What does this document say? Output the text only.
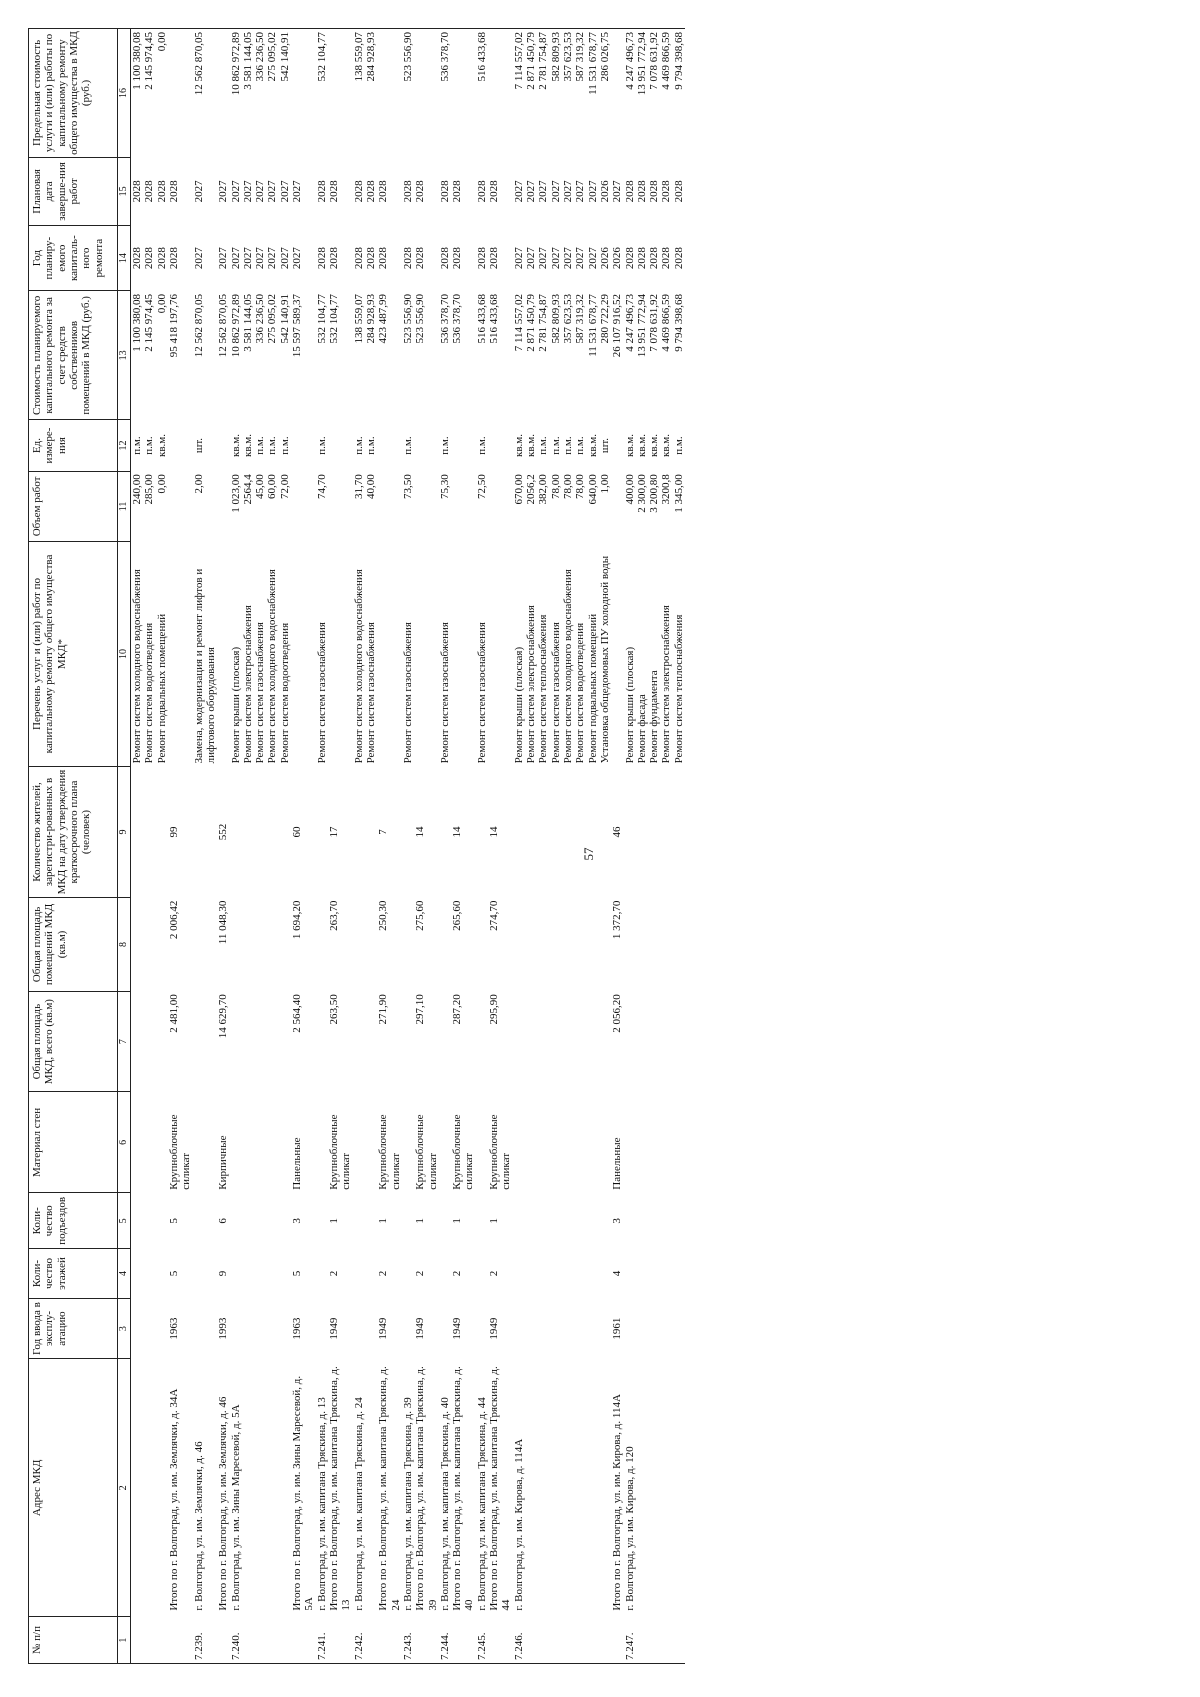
57
№ п/п	Адрес МКД	Год ввода в эксплу-атацию	Коли-чество этажей	Коли-чество подъездов	Материал стен	Общая площадь МКД, всего (кв.м)	Общая площадь помещений МКД (кв.м)	Количество жителей, зарегистри-рованных в МКД на дату утверждения краткосрочного плана (человек)	Перечень услуг и (или) работ по капитальному ремонту общего имущества МКД*	Объем работ	Ед. измере-ния	Стоимость планируемого капитального ремонта за счет средств собственников помещений в МКД (руб.)	Год планиру-емого капиталь-ного ремонта	Плановая дата заверше-ния работ	Предельная стоимость услуги и (или) работы по капитальному ремонту общего имущества в МКД (руб.)
1	2	3	4	5	6	7	8	9	10	11	12	13	14	15	16
									Ремонт систем холодного водоснабжения	240,00	п.м.	1 100 380,08	2028	2028	1 100 380,08
									Ремонт систем водоотведения	285,00	п.м.	2 145 974,45	2028	2028	2 145 974,45
									Ремонт подвальных помещений	0,00	кв.м.	0,00	2028	2028	0,00
	Итого по г. Волгоград, ул. им. Землячки, д. 34А	1963	5	5	Крупноблочные силикат	2 481,00	2 006,42	99				95 418 197,76	2028	2028	
7.239.	г. Волгоград, ул. им. Землячки, д. 46								Замена, модернизация и ремонт лифтов и лифтового оборудования	2,00	шт.	12 562 870,05	2027	2027	12 562 870,05
	Итого по г. Волгоград, ул. им. Землячки, д. 46	1993	9	6	Кирпичные	14 629,70	11 048,30	552				12 562 870,05	2027	2027	
7.240.	г. Волгоград, ул. им. Зины Маресевой, д. 5А								Ремонт крыши (плоская)	1 023,00	кв.м.	10 862 972,89	2027	2027	10 862 972,89
									Ремонт систем электроснабжения	2564,4	кв.м.	3 581 144,05	2027	2027	3 581 144,05
									Ремонт систем газоснабжения	45,00	п.м.	336 236,50	2027	2027	336 236,50
									Ремонт систем холодного водоснабжения	60,00	п.м.	275 095,02	2027	2027	275 095,02
									Ремонт систем водоотведения	72,00	п.м.	542 140,91	2027	2027	542 140,91
	Итого по г. Волгоград, ул. им. Зины Маресевой, д. 5А	1963	5	3	Панельные	2 564,40	1 694,20	60				15 597 589,37	2027	2027	
7.241.	г. Волгоград, ул. им. капитана Тряскина, д. 13								Ремонт систем газоснабжения	74,70	п.м.	532 104,77	2028	2028	532 104,77
	Итого по г. Волгоград, ул. им. капитана Тряскина, д. 13	1949	2	1	Крупноблочные силикат	263,50	263,70	17				532 104,77	2028	2028	
7.242.	г. Волгоград, ул. им. капитана Тряскина, д. 24								Ремонт систем холодного водоснабжения	31,70	п.м.	138 559,07	2028	2028	138 559,07
									Ремонт систем газоснабжения	40,00	п.м.	284 928,93	2028	2028	284 928,93
	Итого по г. Волгоград, ул. им. капитана Тряскина, д. 24	1949	2	1	Крупноблочные силикат	271,90	250,30	7				423 487,99	2028	2028	
7.243.	г. Волгоград, ул. им. капитана Тряскина, д. 39								Ремонт систем газоснабжения	73,50	п.м.	523 556,90	2028	2028	523 556,90
	Итого по г. Волгоград, ул. им. капитана Тряскина, д. 39	1949	2	1	Крупноблочные силикат	297,10	275,60	14				523 556,90	2028	2028	
7.244.	г. Волгоград, ул. им. капитана Тряскина, д. 40								Ремонт систем газоснабжения	75,30	п.м.	536 378,70	2028	2028	536 378,70
	Итого по г. Волгоград, ул. им. капитана Тряскина, д. 40	1949	2	1	Крупноблочные силикат	287,20	265,60	14				536 378,70	2028	2028	
7.245.	г. Волгоград, ул. им. капитана Тряскина, д. 44								Ремонт систем газоснабжения	72,50	п.м.	516 433,68	2028	2028	516 433,68
	Итого по г. Волгоград, ул. им. капитана Тряскина, д. 44	1949	2	1	Крупноблочные силикат	295,90	274,70	14				516 433,68	2028	2028	
7.246.	г. Волгоград, ул. им. Кирова, д. 114А								Ремонт крыши (плоская)	670,00	кв.м.	7 114 557,02	2027	2027	7 114 557,02
									Ремонт систем электроснабжения	2056,2	кв.м.	2 871 450,79	2027	2027	2 871 450,79
									Ремонт систем теплоснабжения	382,00	п.м.	2 781 754,87	2027	2027	2 781 754,87
									Ремонт систем газоснабжения	78,00	п.м.	582 809,93	2027	2027	582 809,93
									Ремонт систем холодного водоснабжения	78,00	п.м.	357 623,53	2027	2027	357 623,53
									Ремонт систем водоотведения	78,00	п.м.	587 319,32	2027	2027	587 319,32
									Ремонт подвальных помещений	640,00	кв.м.	11 531 678,77	2027	2027	11 531 678,77
									Установка общедомовых ПУ холодной воды	1,00	шт.	280 722,29	2026	2026	286 026,75
	Итого по г. Волгоград, ул. им. Кирова, д. 114А	1961	4	3	Панельные	2 056,20	1 372,70	46				26 107 916,52	2026	2027	
7.247.	г. Волгоград, ул. им. Кирова, д. 120								Ремонт крыши (плоская)	400,00	кв.м.	4 247 496,73	2028	2028	4 247 496,73
									Ремонт фасада	2 300,00	кв.м.	13 951 772,94	2028	2028	13 951 772,94
									Ремонт фундамента	3 200,80	кв.м.	7 078 631,92	2028	2028	7 078 631,92
									Ремонт систем электроснабжения	3200,8	кв.м.	4 469 866,59	2028	2028	4 469 866,59
									Ремонт систем теплоснабжения	1 345,00	п.м.	9 794 398,68	2028	2028	9 794 398,68
